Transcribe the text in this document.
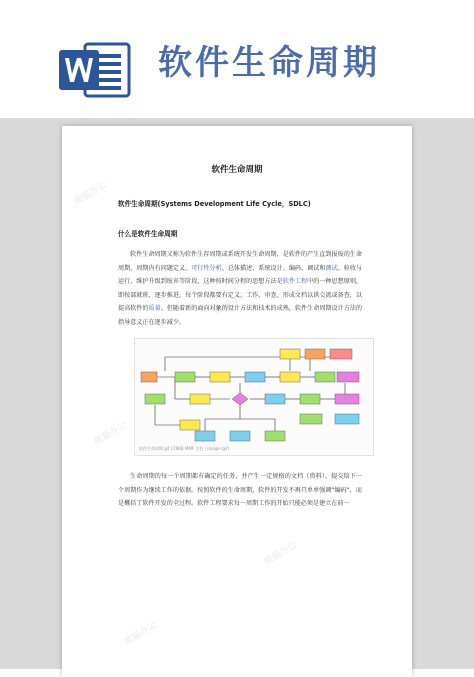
软件生命周期
熊猫办公
熊猫办公
熊猫办公
熊猫办公
熊猫办公
软件生命周期
软件生命周期(Systems Development Life Cycle，SDLC)
什么是软件生命周期
软件生命周期又称为软件生存周期或系统开发生命周期，是软件的产生直到报废的生命周期，周期内有问题定义、可行性分析、总体描述、系统设计、编码、调试和测试、验收与运行、维护升级到废弃等阶段，这种按时间分程的思想方法是软件工程中的一种思想原则，即按部就班、逐步推进，每个阶段都要有定义、工作、审查、形成文档以供交流或备查，以提高软件的质量。但随着新的面向对象的设计方法和技术的成熟，软件生命周期设计方法的指导意义正在逐步减少。
软件生命周期 gif 179KB MMF 白色 | image (gif)
生命周期的每一个周期都有确定的任务，并产生一定规格的文档（资料），提交给下一个周期作为继续工作的依据。按照软件的生命周期，软件的开发不再只单单强调“编码”，而是概括了软件开发的全过程。软件工程要求每一周期工作的开始只能必须是建立在前一
